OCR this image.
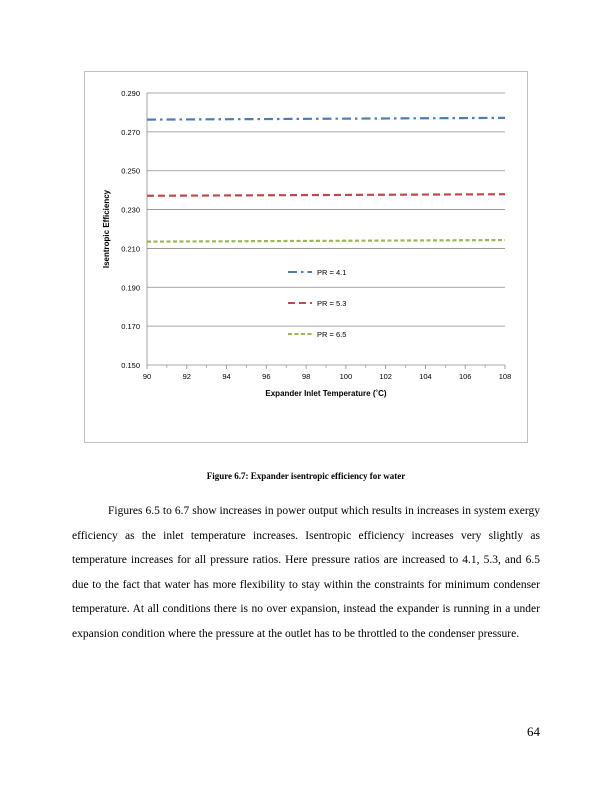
0.150
0.170
0.190
0.210
0.230
0.250
0.270
0.290
90	92	94	96	98	100	102	104	106	108
Expander Inlet Temperature (˚C)
Isentropic Efficiency
PR = 4.1
PR = 5.3
PR = 6.5
Figure 6.7: Expander isentropic efficiency for water

Figures 6.5 to 6.7 show increases in power output which results in increases in system exergy efficiency as the inlet temperature increases. Isentropic efficiency increases very slightly as temperature increases for all pressure ratios. Here pressure ratios are increased to 4.1, 5.3, and 6.5 due to the fact that water has more flexibility to stay within the constraints for minimum condenser temperature. At all conditions there is no over expansion, instead the expander is running in a under expansion condition where the pressure at the outlet has to be throttled to the condenser pressure.

64
